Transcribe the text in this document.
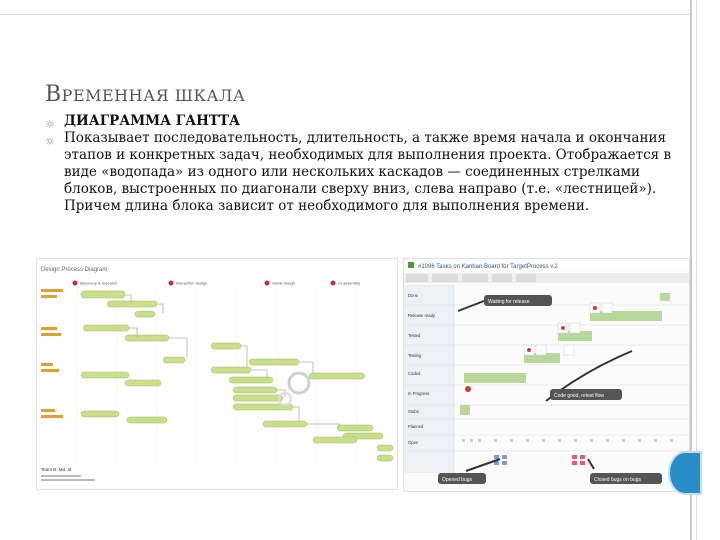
ВРЕМЕННАЯ ШКАЛА
☼ ДИАГРАММА ГАНТТА
☼ Показывает последовательность, длительность, а также время начала и окончания этапов и конкретных задач, необходимых для выполнения проекта. Отображается в виде «водопада» из одного или нескольких каскадов — соединенных стрелками блоков, выстроенных по диагонали сверху вниз, слева направо (т.е. «лестницей»). Причем длина блока зависит от необходимого для выполнения времени.
Design Process Diagram
discovery & research	interaction design	visual design	UI assembly
Team B. Md. Id
#1096 Tasks on Kanban Board for TargetProcess v.2
Done
Release ready
Tested
Testing
Coded
In Progress
Stubs
Planned
Open
Waiting for release
Code good, retest flow
Opened bugs	Closed bugs on bugs
